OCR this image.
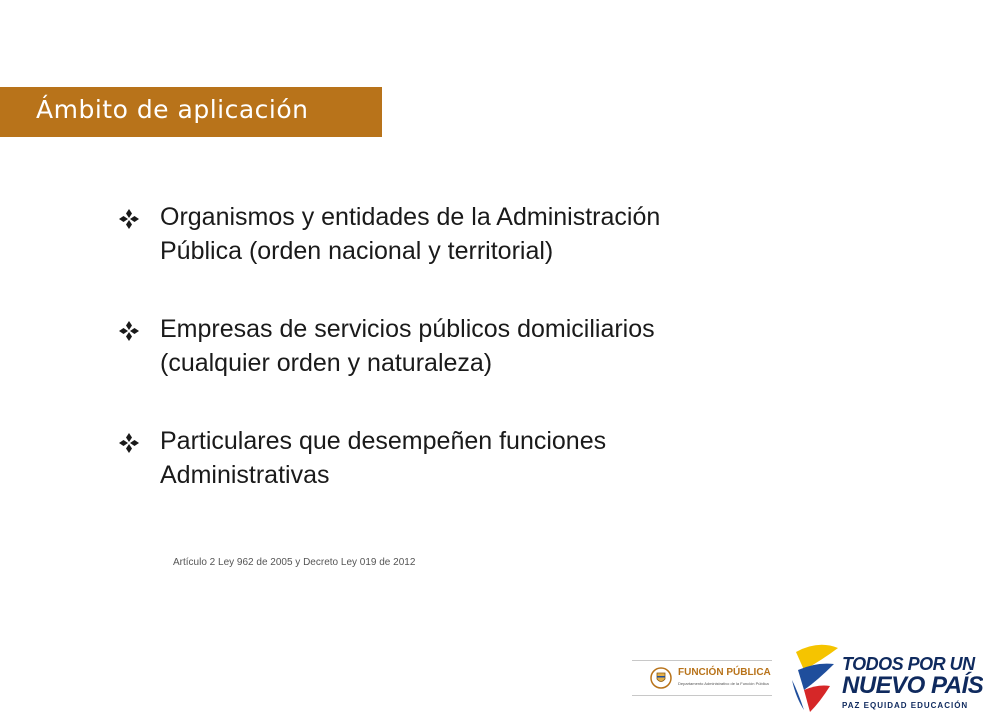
Ámbito de aplicación
Organismos y entidades de la Administración
Pública (orden nacional y territorial)
Empresas de servicios públicos domiciliarios
(cualquier orden y naturaleza)
Particulares que desempeñen funciones
Administrativas
Artículo 2 Ley 962 de 2005 y Decreto Ley 019 de 2012
FUNCIÓN PÚBLICA
Departamento Administrativo de la Función Pública
TODOS POR UN
NUEVO PAÍS
PAZ EQUIDAD EDUCACIÓN
